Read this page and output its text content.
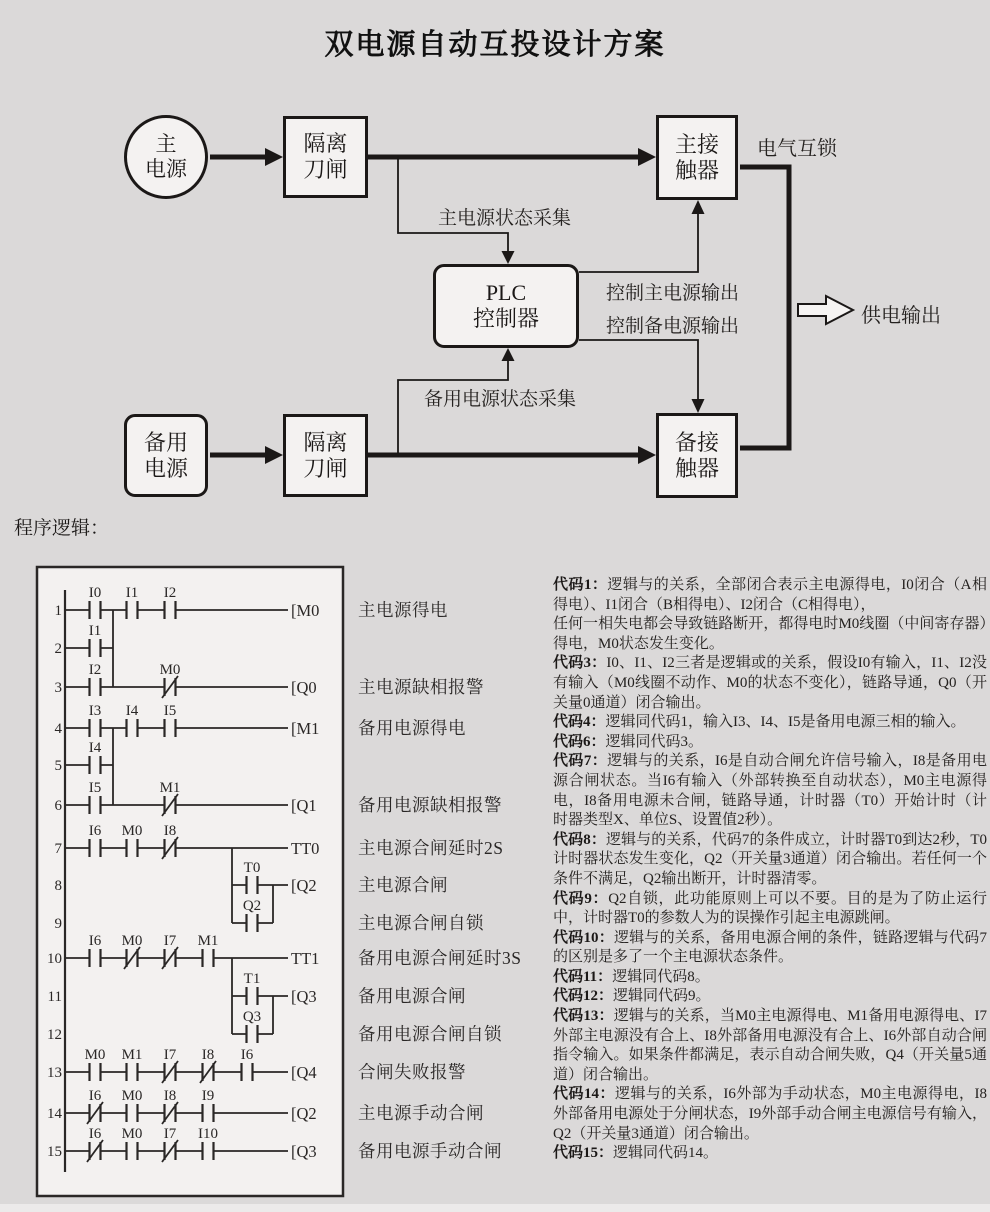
1
I0 I1 I2
[M0 主电源得电
2
I1
3
I2	M0
[Q0 主电源缺相报警
4
I3 I4 I5
[M1 备用电源得电
5
I4
6
I5	M1
[Q1 备用电源缺相报警
7
I6 M0 I8
TT0 主电源合闸延时2S
8
T0
[Q2 主电源合闸
9
Q2
主电源合闸自锁
10
I6 M0 I7 M1
TT1 备用电源合闸延时3S
11
T1
[Q3 备用电源合闸
12
Q3
备用电源合闸自锁
13
M0 M1 I7 I8 I6
[Q4 合闸失败报警
14
I6 M0 I8 I9
[Q2 主电源手动合闸
15
I6 M0 I7 I10
[Q3 备用电源手动合闸
双电源自动互投设计方案
主
电源
隔离
刀闸
主接
触器
PLC
控制器
备用
电源
隔离
刀闸
备接
触器
主电源状态采集
备用电源状态采集
控制主电源输出
控制备电源输出
电气互锁
供电输出
程序逻辑：

代码1：逻辑与的关系，全部闭合表示主电源得电，I0闭合（A相得电）、I1闭合（B相得电）、I2闭合（C相得电），

任何一相失电都会导致链路断开，都得电时M0线圈（中间寄存器）得电，M0状态发生变化。

代码3：I0、I1、I2三者是逻辑或的关系，假设I0有输入，I1、I2没有输入（M0线圈不动作、M0的状态不变化），链路导通，Q0（开关量0通道）闭合输出。

代码4：逻辑同代码1，输入I3、I4、I5是备用电源三相的输入。

代码6：逻辑同代码3。

代码7：逻辑与的关系，I6是自动合闸允许信号输入，I8是备用电源合闸状态。当I6有输入（外部转换至自动状态），M0主电源得电，I8备用电源未合闸，链路导通，计时器（T0）开始计时（计时器类型X、单位S、设置值2秒）。

代码8：逻辑与的关系，代码7的条件成立，计时器T0到达2秒，T0计时器状态发生变化，Q2（开关量3通道）闭合输出。若任何一个条件不满足，Q2输出断开，计时器清零。

代码9：Q2自锁，此功能原则上可以不要。目的是为了防止运行中，计时器T0的参数人为的误操作引起主电源跳闸。

代码10：逻辑与的关系，备用电源合闸的条件，链路逻辑与代码7的区别是多了一个主电源状态条件。

代码11：逻辑同代码8。

代码12：逻辑同代码9。

代码13：逻辑与的关系，当M0主电源得电、M1备用电源得电、I7外部主电源没有合上、I8外部备用电源没有合上、I6外部自动合闸指令输入。如果条件都满足，表示自动合闸失败，Q4（开关量5通道）闭合输出。

代码14：逻辑与的关系，I6外部为手动状态，M0主电源得电，I8外部备用电源处于分闸状态，I9外部手动合闸主电源信号有输入，Q2（开关量3通道）闭合输出。

代码15：逻辑同代码14。
